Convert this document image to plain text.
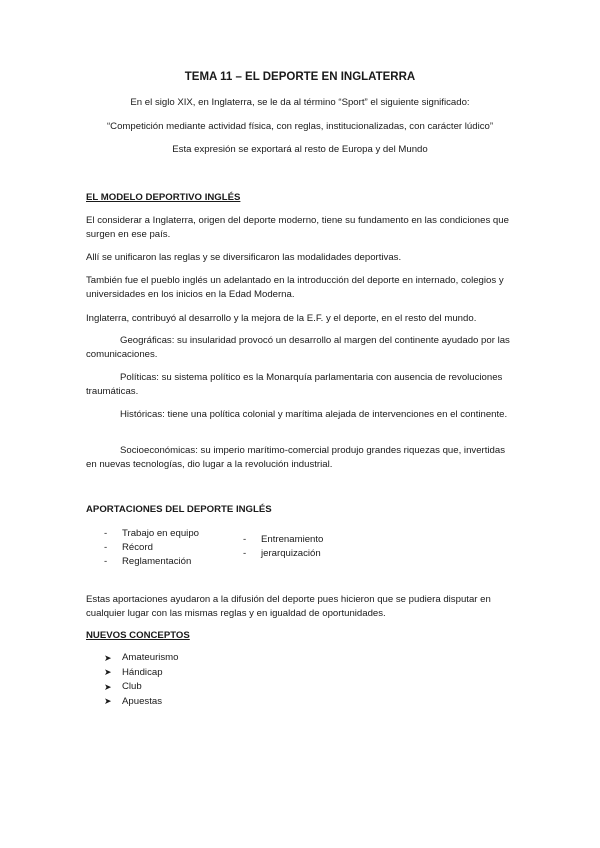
TEMA 11 – EL DEPORTE EN INGLATERRA
En el siglo XIX, en Inglaterra, se le da al término “Sport” el siguiente significado:
“Competición mediante actividad física, con reglas, institucionalizadas, con carácter lúdico”
Esta expresión se exportará al resto de Europa y del Mundo
EL MODELO DEPORTIVO INGLÉS

El considerar a Inglaterra, origen del deporte moderno, tiene su fundamento en las condiciones que surgen en ese país.

Allí se unificaron las reglas y se diversificaron las modalidades deportivas.

También fue el pueblo inglés un adelantado en la introducción del deporte en internado, colegios y universidades en los inicios en la Edad Moderna.

Inglaterra, contribuyó al desarrollo y la mejora de la E.F. y el deporte, en el resto del mundo.

Geográficas: su insularidad provocó un desarrollo al margen del continente ayudado por las comunicaciones.

Políticas: su sistema político es la Monarquía parlamentaria con ausencia de revoluciones traumáticas.

Históricas: tiene una política colonial y marítima alejada de intervenciones en el continente.

Socioeconómicas: su imperio marítimo-comercial produjo grandes riquezas que, invertidas en nuevas tecnologías, dio lugar a la revolución industrial.

APORTACIONES DEL DEPORTE INGLÉS
- Trabajo en equipo
- Récord
- Reglamentación
- Entrenamiento
- jerarquización

Estas aportaciones ayudaron a la difusión del deporte pues hicieron que se pudiera disputar en cualquier lugar con las mismas reglas y en igualdad de oportunidades.

NUEVOS CONCEPTOS
➤	Amateurismo
➤	Hándicap
➤	Club
➤	Apuestas
